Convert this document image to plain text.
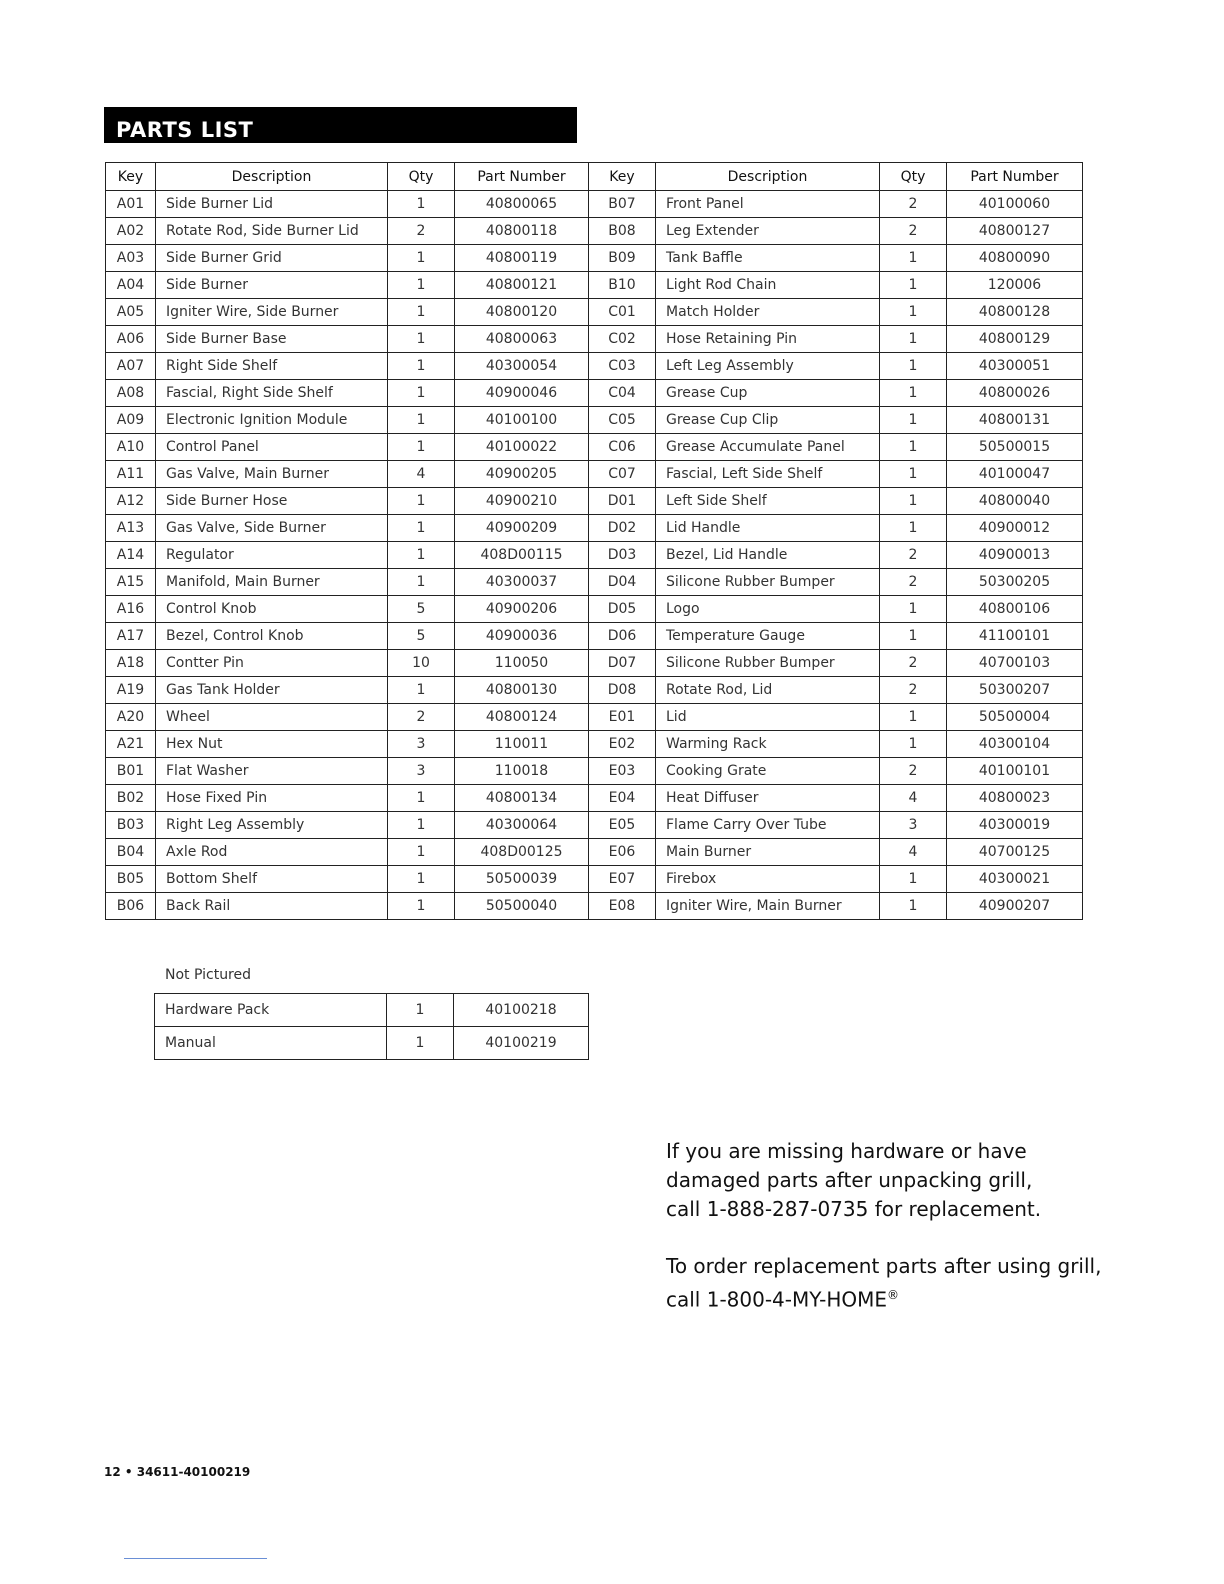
PARTS LIST
Key	Description	Qty	Part Number	Key	Description	Qty	Part Number
A01	Side Burner Lid	1	40800065	B07	Front Panel	2	40100060
A02	Rotate Rod, Side Burner Lid	2	40800118	B08	Leg Extender	2	40800127
A03	Side Burner Grid	1	40800119	B09	Tank Baffle	1	40800090
A04	Side Burner	1	40800121	B10	Light Rod Chain	1	120006
A05	Igniter Wire, Side Burner	1	40800120	C01	Match Holder	1	40800128
A06	Side Burner Base	1	40800063	C02	Hose Retaining Pin	1	40800129
A07	Right Side Shelf	1	40300054	C03	Left Leg Assembly	1	40300051
A08	Fascial, Right Side Shelf	1	40900046	C04	Grease Cup	1	40800026
A09	Electronic Ignition Module	1	40100100	C05	Grease Cup Clip	1	40800131
A10	Control Panel	1	40100022	C06	Grease Accumulate Panel	1	50500015
A11	Gas Valve, Main Burner	4	40900205	C07	Fascial, Left Side Shelf	1	40100047
A12	Side Burner Hose	1	40900210	D01	Left Side Shelf	1	40800040
A13	Gas Valve, Side Burner	1	40900209	D02	Lid Handle	1	40900012
A14	Regulator	1	408D00115	D03	Bezel, Lid Handle	2	40900013
A15	Manifold, Main Burner	1	40300037	D04	Silicone Rubber Bumper	2	50300205
A16	Control Knob	5	40900206	D05	Logo	1	40800106
A17	Bezel, Control Knob	5	40900036	D06	Temperature Gauge	1	41100101
A18	Contter Pin	10	110050	D07	Silicone Rubber Bumper	2	40700103
A19	Gas Tank Holder	1	40800130	D08	Rotate Rod, Lid	2	50300207
A20	Wheel	2	40800124	E01	Lid	1	50500004
A21	Hex Nut	3	110011	E02	Warming Rack	1	40300104
B01	Flat Washer	3	110018	E03	Cooking Grate	2	40100101
B02	Hose Fixed Pin	1	40800134	E04	Heat Diffuser	4	40800023
B03	Right Leg Assembly	1	40300064	E05	Flame Carry Over Tube	3	40300019
B04	Axle Rod	1	408D00125	E06	Main Burner	4	40700125
B05	Bottom Shelf	1	50500039	E07	Firebox	1	40300021
B06	Back Rail	1	50500040	E08	Igniter Wire, Main Burner	1	40900207
Not Pictured
Hardware Pack	1	40100218
Manual	1	40100219

If you are missing hardware or have

damaged parts after unpacking grill,

call 1-888-287-0735 for replacement.

To order replacement parts after using grill,

call 1-800-4-MY-HOME®

12 • 34611-40100219
